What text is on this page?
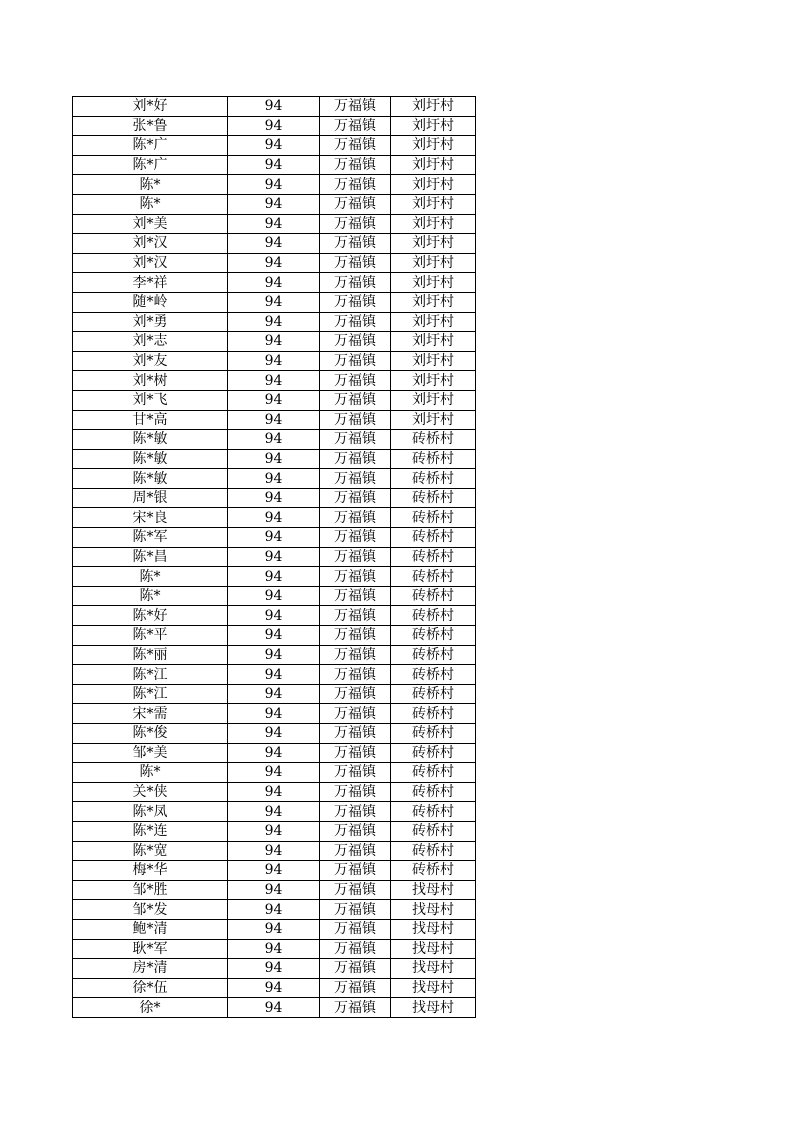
刘*好	94	万福镇	刘圩村
张*鲁	94	万福镇	刘圩村
陈*广	94	万福镇	刘圩村
陈*广	94	万福镇	刘圩村
陈*	94	万福镇	刘圩村
陈*	94	万福镇	刘圩村
刘*美	94	万福镇	刘圩村
刘*汉	94	万福镇	刘圩村
刘*汉	94	万福镇	刘圩村
李*祥	94	万福镇	刘圩村
随*岭	94	万福镇	刘圩村
刘*勇	94	万福镇	刘圩村
刘*志	94	万福镇	刘圩村
刘*友	94	万福镇	刘圩村
刘*树	94	万福镇	刘圩村
刘*飞	94	万福镇	刘圩村
甘*高	94	万福镇	刘圩村
陈*敏	94	万福镇	砖桥村
陈*敏	94	万福镇	砖桥村
陈*敏	94	万福镇	砖桥村
周*银	94	万福镇	砖桥村
宋*良	94	万福镇	砖桥村
陈*军	94	万福镇	砖桥村
陈*昌	94	万福镇	砖桥村
陈*	94	万福镇	砖桥村
陈*	94	万福镇	砖桥村
陈*好	94	万福镇	砖桥村
陈*平	94	万福镇	砖桥村
陈*丽	94	万福镇	砖桥村
陈*江	94	万福镇	砖桥村
陈*江	94	万福镇	砖桥村
宋*需	94	万福镇	砖桥村
陈*俊	94	万福镇	砖桥村
邹*美	94	万福镇	砖桥村
陈*	94	万福镇	砖桥村
关*侠	94	万福镇	砖桥村
陈*凤	94	万福镇	砖桥村
陈*连	94	万福镇	砖桥村
陈*宽	94	万福镇	砖桥村
梅*华	94	万福镇	砖桥村
邹*胜	94	万福镇	找母村
邹*发	94	万福镇	找母村
鲍*清	94	万福镇	找母村
耿*军	94	万福镇	找母村
房*清	94	万福镇	找母村
徐*伍	94	万福镇	找母村
徐*	94	万福镇	找母村
